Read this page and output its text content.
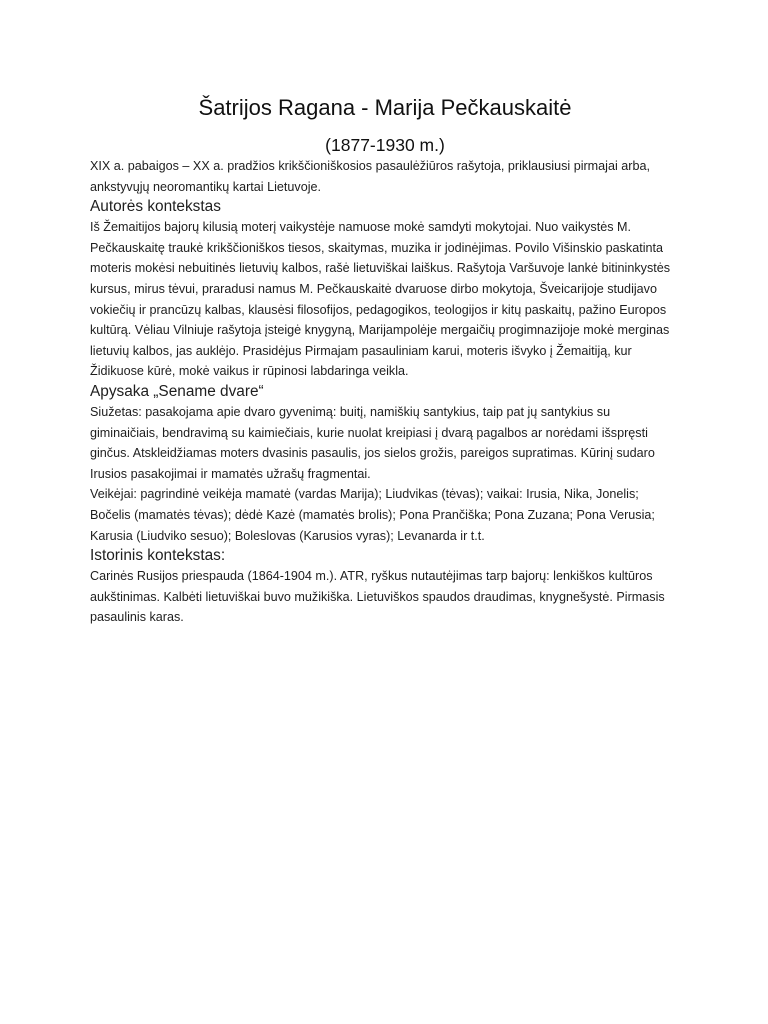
Šatrijos Ragana - Marija Pečkauskaitė
(1877-1930 m.)

XIX a. pabaigos – XX a. pradžios krikščioniškosios pasaulėžiūros rašytoja, priklausiusi pirmajai arba, ankstyvųjų neoromantikų kartai Lietuvoje.

Autorės kontekstas

Iš Žemaitijos bajorų kilusią moterį vaikystėje namuose mokė samdyti mokytojai. Nuo vaikystės M. Pečkauskaitę traukė krikščioniškos tiesos, skaitymas, muzika ir jodinėjimas. Povilo Višinskio paskatinta moteris mokėsi nebuitinės lietuvių kalbos, rašė lietuviškai laiškus. Rašytoja Varšuvoje lankė bitininkystės kursus, mirus tėvui, praradusi namus M. Pečkauskaitė dvaruose dirbo mokytoja, Šveicarijoje studijavo vokiečių ir prancūzų kalbas, klausėsi filosofijos, pedagogikos, teologijos ir kitų paskaitų, pažino Europos kultūrą. Vėliau Vilniuje rašytoja įsteigė knygyną, Marijampolėje mergaičių progimnazijoje mokė merginas lietuvių kalbos, jas auklėjo. Prasidėjus Pirmajam pasauliniam karui, moteris išvyko į Žemaitiją, kur Židikuose kūrė, mokė vaikus ir rūpinosi labdaringa veikla.

Apysaka „Sename dvare“

Siužetas: pasakojama apie dvaro gyvenimą: buitį, namiškių santykius, taip pat jų santykius su giminaičiais, bendravimą su kaimiečiais, kurie nuolat kreipiasi į dvarą pagalbos ar norėdami išspręsti ginčus. Atskleidžiamas moters dvasinis pasaulis, jos sielos grožis, pareigos supratimas. Kūrinį sudaro Irusios pasakojimai ir mamatės užrašų fragmentai.

Veikėjai: pagrindinė veikėja mamatė (vardas Marija); Liudvikas (tėvas); vaikai: Irusia, Nika, Jonelis; Bočelis (mamatės tėvas); dėdė Kazė (mamatės brolis); Pona Prančiška; Pona Zuzana; Pona Verusia; Karusia (Liudviko sesuo); Boleslovas (Karusios vyras); Levanarda ir t.t.

Istorinis kontekstas:

Carinės Rusijos priespauda (1864-1904 m.). ATR, ryškus nutautėjimas tarp bajorų: lenkiškos kultūros aukštinimas. Kalbėti lietuviškai buvo mužikiška. Lietuviškos spaudos draudimas, knygnešystė. Pirmasis pasaulinis karas.
